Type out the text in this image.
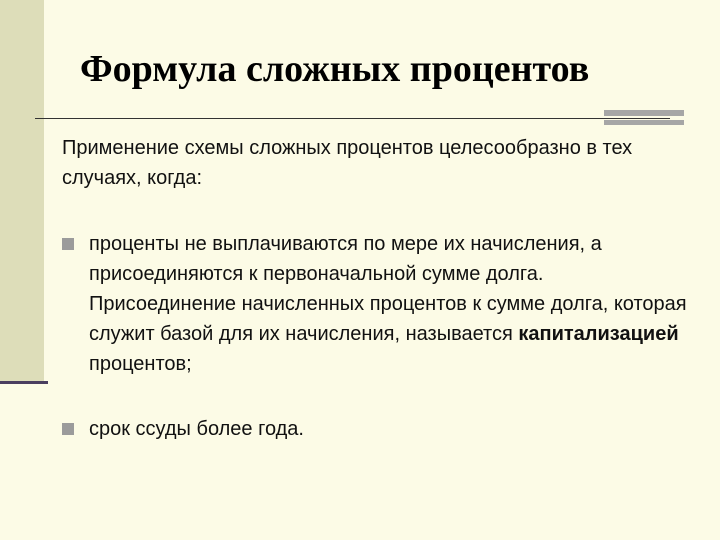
Формула сложных процентов

Применение схемы сложных процентов целесообразно в тех случаях, когда:

проценты не выплачиваются по мере их начисления, а присоединяются к первоначальной сумме долга. Присоединение начисленных процентов к сумме долга, которая служит базой для их начисления, называется капитализацией процентов;
срок ссуды более года.
